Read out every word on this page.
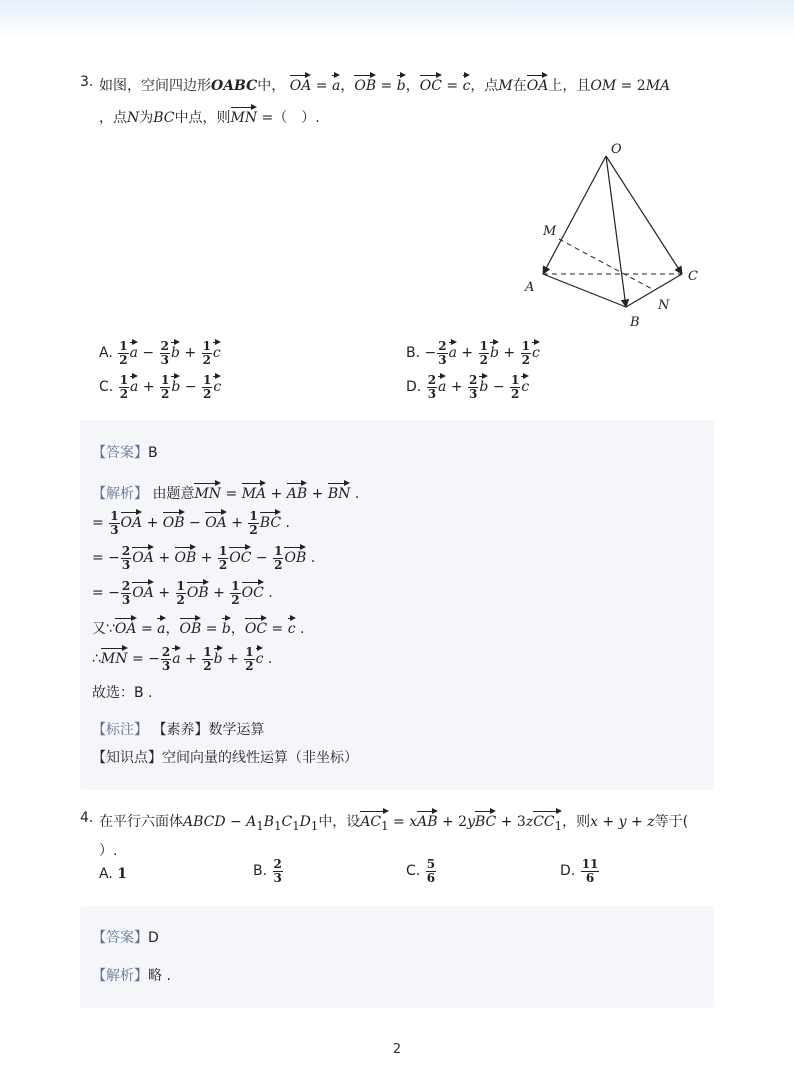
3. 如图，空间四边形OABC中， OA = a，OB = b，OC = c，点M在OA上，且OM = 2MA
，点N为BC中点，则MN =（　）.
O
M
A
B
C
N
A. $\frac{1}{2}$ $a - \frac{2}{3}$ $b + \frac{1}{2}$ c	B. − $\frac{2}{3}$ $a + \frac{1}{2}$ $b + \frac{1}{2}$ c
C. $\frac{1}{2}$ $a + \frac{1}{2}$ $b - \frac{1}{2}$ c	D. $\frac{2}{3}$ $a + \frac{2}{3}$ $b - \frac{1}{2}$ c
【答案】B
【解析】 由题意MN = MA + AB + BN .
= $\frac{1}{3}$ OA + OB − OA + $\frac{1}{2}$ BC .
= − $\frac{2}{3}$ OA + OB + $\frac{1}{2}$ OC − $\frac{1}{2}$ OB .
= − $\frac{2}{3}$ OA + $\frac{1}{2}$ OB + $\frac{1}{2}$ OC .
又∵OA = a，OB = b，OC = c .
∴MN = − $\frac{2}{3}$ $a + \frac{1}{2}$ $b + \frac{1}{2}$ c .
故选：B .
【标注】 【素养】数学运算
【知识点】空间向量的线性运算（非坐标）
4. 在平行六面体ABCD − $A_1B_1C_1D_1$中，设$AC_1$ = xAB + 2yBC + 3zCC$_1$，则x + y + z等于(
）.
A. 1	B. $\frac{2}{3}$	C. $\frac{5}{6}$	D. $\frac{11}{6}$
【答案】D
【解析】略 .
2
